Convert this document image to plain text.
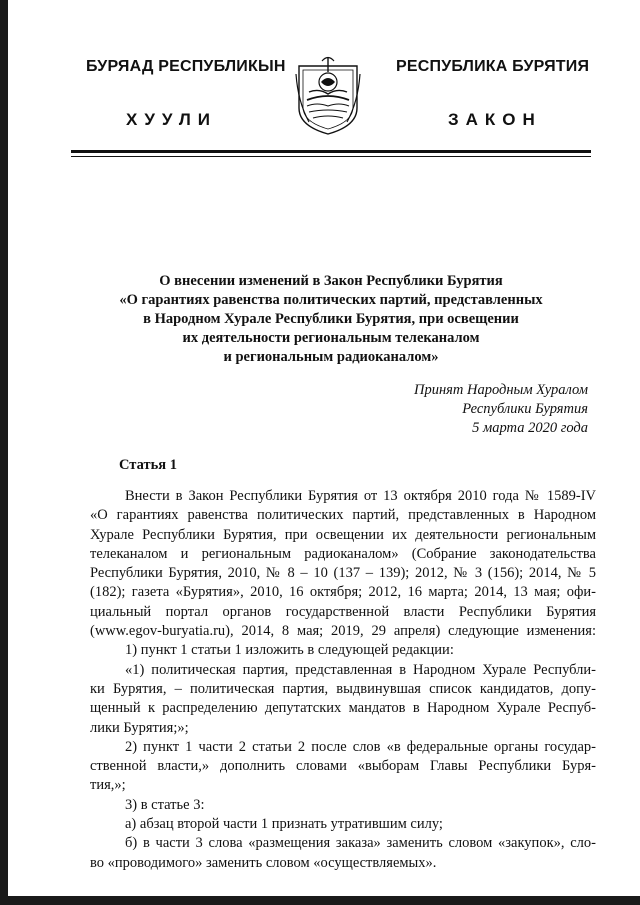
БУРЯАД РЕСПУБЛИКЫН	РЕСПУБЛИКА БУРЯТИЯ
ХУУЛИ	ЗАКОН
О внесении изменений в Закон Республики Бурятия
«О гарантиях равенства политических партий, представленных
в Народном Хурале Республики Бурятия, при освещении
их деятельности региональным телеканалом
и региональным радиоканалом»
Принят Народным Хуралом
Республики Бурятия
5 марта 2020 года
Статья 1

Внести в Закон Республики Бурятия от 13 октября 2010 года № 1589-IV

«О гарантиях равенства политических партий, представленных в Народном

Хурале Республики Бурятия, при освещении их деятельности региональным

телеканалом и региональным радиоканалом» (Собрание законодательства

Республики Бурятия, 2010, № 8 – 10 (137 – 139); 2012, № 3 (156); 2014, № 5

(182); газета «Бурятия», 2010, 16 октября; 2012, 16 марта; 2014, 13 мая; офи-

циальный портал органов государственной власти Республики Бурятия

(www.egov-buryatia.ru), 2014, 8 мая; 2019, 29 апреля) следующие изменения:

1) пункт 1 статьи 1 изложить в следующей редакции:

«1) политическая партия, представленная в Народном Хурале Республи-

ки Бурятия, – политическая партия, выдвинувшая список кандидатов, допу-

щенный к распределению депутатских мандатов в Народном Хурале Респуб-

лики Бурятия;»;

2) пункт 1 части 2 статьи 2 после слов «в федеральные органы государ-

ственной власти,» дополнить словами «выборам Главы Республики Буря-

тия,»;

3) в статье 3:

а) абзац второй части 1 признать утратившим силу;

б) в части 3 слова «размещения заказа» заменить словом «закупок», сло-

во «проводимого» заменить словом «осуществляемых».
